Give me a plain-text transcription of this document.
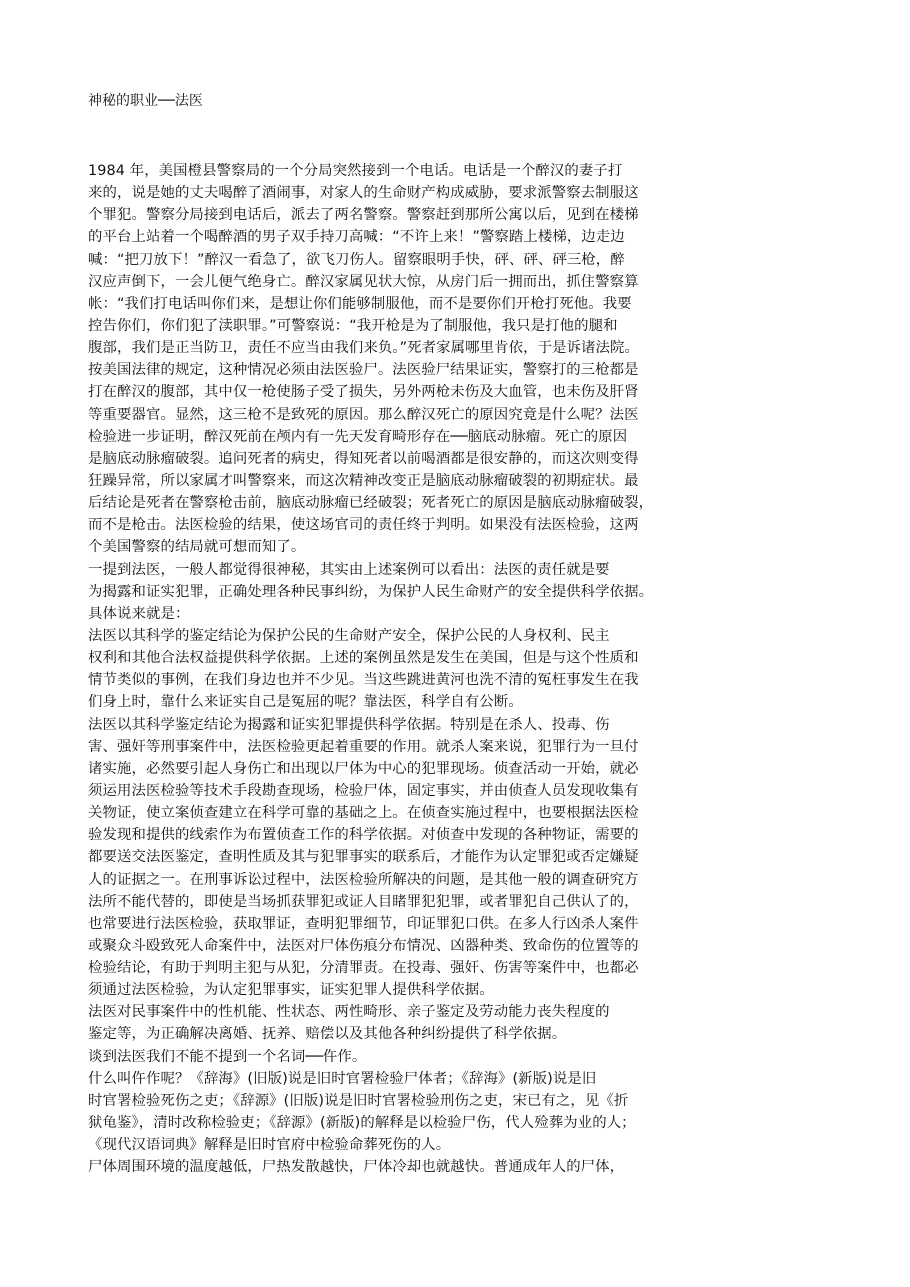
神秘的职业──法医
1984 年，美国橙县警察局的一个分局突然接到一个电话。电话是一个醉汉的妻子打
来的，说是她的丈夫喝醉了酒闹事，对家人的生命财产构成威胁，要求派警察去制服这
个罪犯。警察分局接到电话后，派去了两名警察。警察赶到那所公寓以后，见到在楼梯
的平台上站着一个喝醉酒的男子双手持刀高喊：“不许上来！”警察踏上楼梯，边走边
喊：“把刀放下！”醉汉一看急了，欲飞刀伤人。留察眼明手快，砰、砰、砰三枪，醉
汉应声倒下，一会儿便气绝身亡。醉汉家属见状大惊，从房门后一拥而出，抓住警察算
帐：“我们打电话叫你们来，是想让你们能够制服他，而不是要你们开枪打死他。我要
控告你们，你们犯了渎职罪。”可警察说：“我开枪是为了制服他，我只是打他的腿和
腹部，我们是正当防卫，责任不应当由我们来负。”死者家属哪里肯依，于是诉诸法院。
按美国法律的规定，这种情况必须由法医验尸。法医验尸结果证实，警察打的三枪都是
打在醉汉的腹部，其中仅一枪使肠子受了损失，另外两枪未伤及大血管，也未伤及肝肾
等重要器官。显然，这三枪不是致死的原因。那么醉汉死亡的原因究竟是什么呢？法医
检验进一步证明，醉汉死前在颅内有一先天发育畸形存在──脑底动脉瘤。死亡的原因
是脑底动脉瘤破裂。追问死者的病史，得知死者以前喝酒都是很安静的，而这次则变得
狂躁异常，所以家属才叫警察来，而这次精神改变正是脑底动脉瘤破裂的初期症状。最
后结论是死者在警察枪击前，脑底动脉瘤已经破裂；死者死亡的原因是脑底动脉瘤破裂，
而不是枪击。法医检验的结果，使这场官司的责任终于判明。如果没有法医检验，这两
个美国警察的结局就可想而知了。
一提到法医，一般人都觉得很神秘，其实由上述案例可以看出：法医的责任就是要
为揭露和证实犯罪，正确处理各种民事纠纷，为保护人民生命财产的安全提供科学依据。
具体说来就是：
法医以其科学的鉴定结论为保护公民的生命财产安全，保护公民的人身权利、民主
权利和其他合法权益提供科学依据。上述的案例虽然是发生在美国，但是与这个性质和
情节类似的事例，在我们身边也并不少见。当这些跳进黄河也洗不清的冤枉事发生在我
们身上时，靠什么来证实自己是冤屈的呢？靠法医，科学自有公断。
法医以其科学鉴定结论为揭露和证实犯罪提供科学依据。特别是在杀人、投毒、伤
害、强奸等刑事案件中，法医检验更起着重要的作用。就杀人案来说，犯罪行为一旦付
诸实施，必然要引起人身伤亡和出现以尸体为中心的犯罪现场。侦查活动一开始，就必
须运用法医检验等技术手段勘查现场，检验尸体，固定事实，并由侦查人员发现收集有
关物证，使立案侦查建立在科学可靠的基础之上。在侦查实施过程中，也要根据法医检
验发现和提供的线索作为布置侦查工作的科学依据。对侦查中发现的各种物证，需要的
都要送交法医鉴定，查明性质及其与犯罪事实的联系后，才能作为认定罪犯或否定嫌疑
人的证据之一。在刑事诉讼过程中，法医检验所解决的问题，是其他一般的调查研究方
法所不能代替的，即使是当场抓获罪犯或证人目睹罪犯犯罪，或者罪犯自己供认了的，
也常要进行法医检验，获取罪证，查明犯罪细节，印证罪犯口供。在多人行凶杀人案件
或聚众斗殴致死人命案件中，法医对尸体伤痕分布情况、凶器种类、致命伤的位置等的
检验结论，有助于判明主犯与从犯，分清罪责。在投毒、强奸、伤害等案件中，也都必
须通过法医检验，为认定犯罪事实，证实犯罪人提供科学依据。
法医对民事案件中的性机能、性状态、两性畸形、亲子鉴定及劳动能力丧失程度的
鉴定等，为正确解决离婚、抚养、赔偿以及其他各种纠纷提供了科学依据。
谈到法医我们不能不提到一个名词──仵作。
什么叫仵作呢？《辞海》(旧版)说是旧时官署检验尸体者；《辞海》(新版)说是旧
时官署检验死伤之吏；《辞源》(旧版)说是旧时官署检验刑伤之吏，宋已有之，见《折
狱龟鉴》，清时改称检验吏；《辞源》(新版)的解释是以检验尸伤，代人殓葬为业的人；
《现代汉语词典》解释是旧时官府中检验命葬死伤的人。
尸体周围环境的温度越低，尸热发散越快，尸体冷却也就越快。普通成年人的尸体，
